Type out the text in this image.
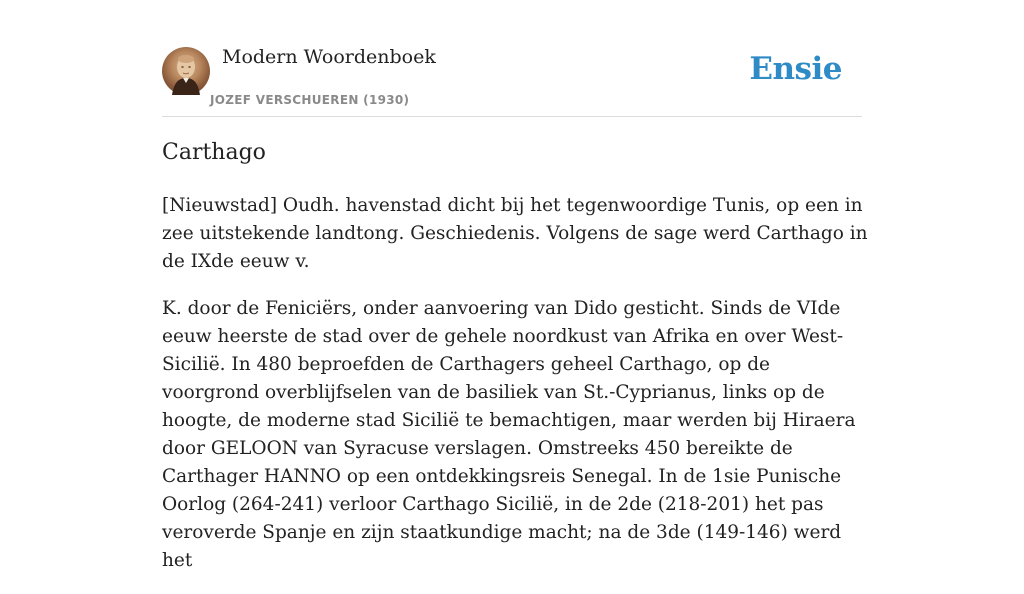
Modern Woordenboek
JOZEF VERSCHUEREN (1930)
Ensie
Carthago

[Nieuwstad] Oudh. havenstad dicht bij het tegenwoordige Tunis, op een in zee uitstekende landtong. Geschiedenis. Volgens de sage werd Carthago in de IXde eeuw v.

K. door de Feniciërs, onder aanvoering van Dido gesticht. Sinds de VIde eeuw heerste de stad over de gehele noordkust van Afrika en over West-Sicilië. In 480 beproefden de Carthagers geheel Carthago, op de voorgrond overblijfselen van de basiliek van St.-Cyprianus, links op de hoogte, de moderne stad Sicilië te bemachtigen, maar werden bij Hiraera door GELOON van Syracuse verslagen. Omstreeks 450 bereikte de Carthager HANNO op een ontdekkingsreis Senegal. In de 1sie Punische Oorlog (264-241) verloor Carthago Sicilië, in de 2de (218-201) het pas veroverde Spanje en zijn staatkundige macht; na de 3de (149-146) werd het
